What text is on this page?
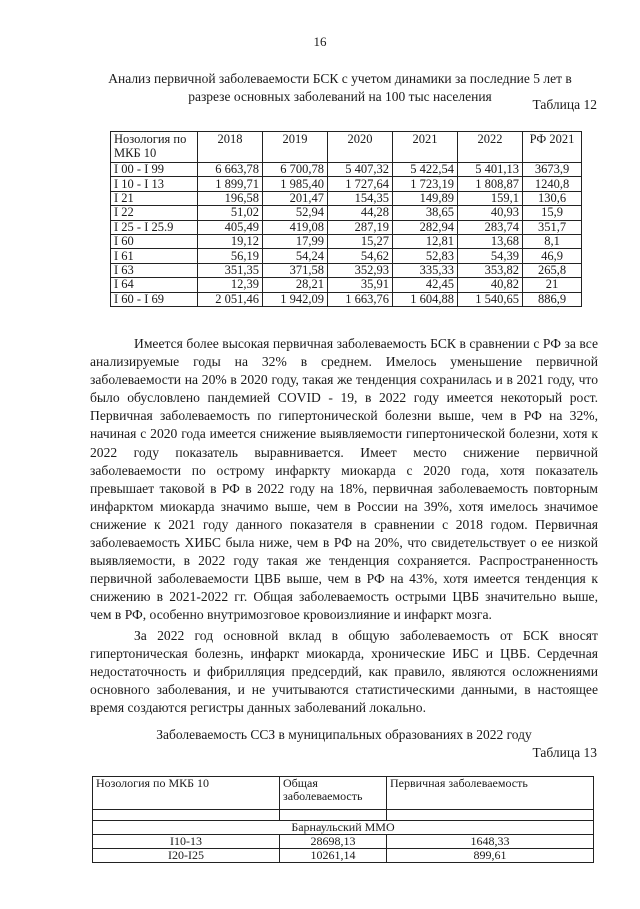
16
Анализ первичной заболеваемости БСК с учетом динамики за последние 5 лет в разрезе основных заболеваний на 100 тыс населения
Таблица 12
Нозология по МКБ 10	2018	2019	2020	2021	2022	РФ 2021
I 00 - I 99	6 663,78	6 700,78	5 407,32	5 422,54	5 401,13	3673,9
I 10 - I 13	1 899,71	1 985,40	1 727,64	1 723,19	1 808,87	1240,8
I 21	196,58	201,47	154,35	149,89	159,1	130,6
I 22	51,02	52,94	44,28	38,65	40,93	15,9
I 25 - I 25.9	405,49	419,08	287,19	282,94	283,74	351,7
I 60	19,12	17,99	15,27	12,81	13,68	8,1
I 61	56,19	54,24	54,62	52,83	54,39	46,9
I 63	351,35	371,58	352,93	335,33	353,82	265,8
I 64	12,39	28,21	35,91	42,45	40,82	21
I 60 - I 69	2 051,46	1 942,09	1 663,76	1 604,88	1 540,65	886,9

Имеется более высокая первичная заболеваемость БСК в сравнении с РФ за все анализируемые годы на 32% в среднем. Имелось уменьшение первичной заболеваемости на 20% в 2020 году, такая же тенденция сохранилась и в 2021 году, что было обусловлено пандемией COVID - 19, в 2022 году имеется некоторый рост. Первичная заболеваемость по гипертонической болезни выше, чем в РФ на 32%, начиная с 2020 года имеется снижение выявляемости гипертонической болезни, хотя к 2022 году показатель выравнивается. Имеет место снижение первичной заболеваемости по острому инфаркту миокарда с 2020 года, хотя показатель превышает таковой в РФ в 2022 году на 18%, первичная заболеваемость повторным инфарктом миокарда значимо выше, чем в России на 39%, хотя имелось значимое снижение к 2021 году данного показателя в сравнении с 2018 годом. Первичная заболеваемость ХИБС была ниже, чем в РФ на 20%, что свидетельствует о ее низкой выявляемости, в 2022 году такая же тенденция сохраняется. Распространенность первичной заболеваемости ЦВБ выше, чем в РФ на 43%, хотя имеется тенденция к снижению в 2021-2022 гг. Общая заболеваемость острыми ЦВБ значительно выше, чем в РФ, особенно внутримозговое кровоизлияние и инфаркт мозга.

За 2022 год основной вклад в общую заболеваемость от БСК вносят гипертоническая болезнь, инфаркт миокарда, хронические ИБС и ЦВБ. Сердечная недостаточность и фибрилляция предсердий, как правило, являются осложнениями основного заболевания, и не учитываются статистическими данными, в настоящее время создаются регистры данных заболеваний локально.

Заболеваемость ССЗ в муниципальных образованиях в 2022 году
Таблица 13
Нозология по МКБ 10	Общая заболеваемость	Первичная заболеваемость

Барнаульский ММО		
I10-13	28698,13	1648,33
I20-I25	10261,14	899,61
